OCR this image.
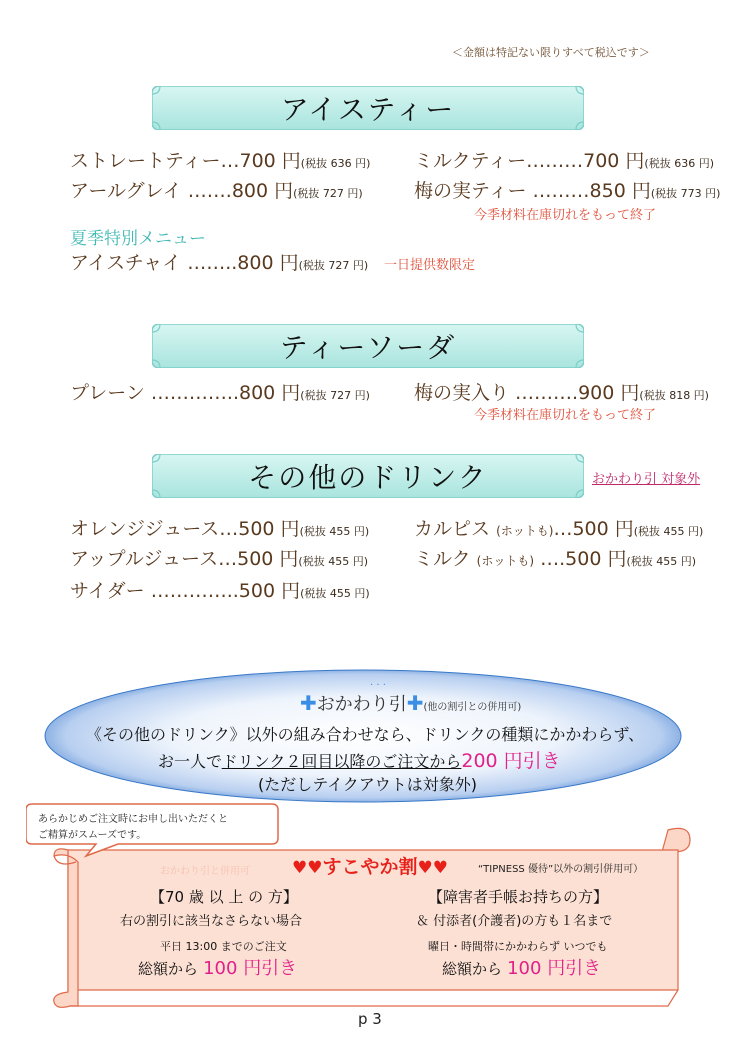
＜金額は特記ない限りすべて税込です＞
アイスティー
ストレートティー…700 円(税抜 636 円)
アールグレイ …….800 円(税抜 727 円)
ミルクティー………700 円(税抜 636 円)
梅の実ティー ………850 円(税抜 773 円)
今季材料在庫切れをもって終了
夏季特別メニュー
アイスチャイ ……..800 円(税抜 727 円) 一日提供数限定
ティーソーダ
プレーン …………..800 円(税抜 727 円) 梅の実入り ……….900 円(税抜 818 円)
今季材料在庫切れをもって終了
その他のドリンク	おかわり引 対象外
オレンジジュース…500 円(税抜 455 円)
アップルジュース…500 円(税抜 455 円)
サイダー …………..500 円(税抜 455 円)
カルピス (ホットも)…500 円(税抜 455 円)
ミルク (ホットも) ….500 円(税抜 455 円)
✚おかわり引✚(他の割引との併用可)
· · ·
《その他のドリンク》以外の組み合わせなら、ドリンクの種類にかかわらず、
お一人でドリンク２回目以降のご注文から200 円引き
(ただしテイクアウトは対象外)
あらかじめご注文時にお申し出いただくと
ご精算がスムーズです。
おかわり引と併用可 ♥♥すこやか割♥♥	“TIPNESS 優待”以外の割引併用可）
【70 歳 以 上 の 方】
右の割引に該当なさらない場合
平日 13:00 までのご注文
総額から 100 円引き
【障害者手帳お持ちの方】
＆ 付添者(介護者)の方も１名まで
曜日・時間帯にかかわらず いつでも
総額から 100 円引き
p 3
